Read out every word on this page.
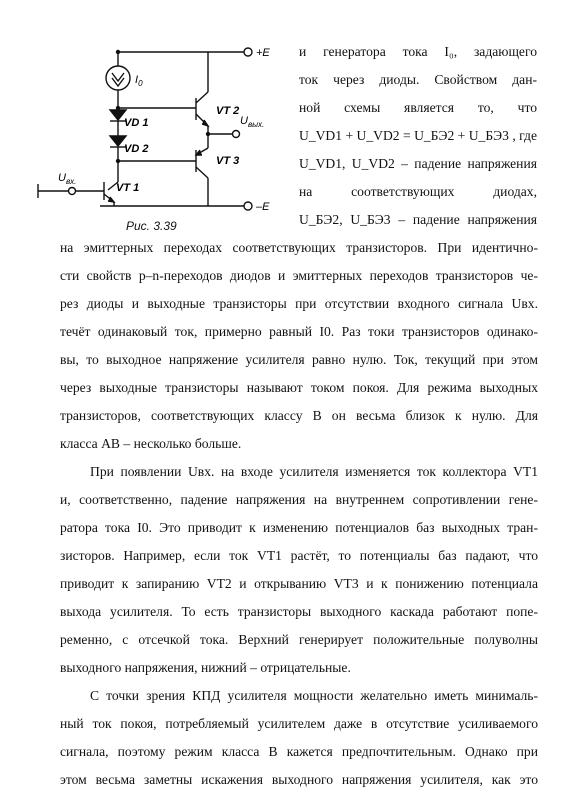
+E
–E
$I_0$
VD 1
VD 2
VT 2
VT 3
VT 1
$U_{вых.}$
$U_{вх.}$
Рис. 3.39
и генератора тока I₀, задающего
ток через диоды. Свойством дан-
ной схемы является то, что
U_VD1 + U_VD2 = U_БЭ2 + U_БЭ3 , где
U_VD1, U_VD2 – падение напряжения
на соответствующих диодах,
U_БЭ2, U_БЭ3 – падение напряжения
на эмиттерных переходах соответствующих транзисторов. При идентично-
сти свойств p–n-переходов диодов и эмиттерных переходов транзисторов че-
рез диоды и выходные транзисторы при отсутствии входного сигнала Uвх.
течёт одинаковый ток, примерно равный I0. Раз токи транзисторов одинако-
вы, то выходное напряжение усилителя равно нулю. Ток, текущий при этом
через выходные транзисторы называют током покоя. Для режима выходных
транзисторов, соответствующих классу B он весьма близок к нулю. Для
класса AB – несколько больше.
При появлении Uвх. на входе усилителя изменяется ток коллектора VT1
и, соответственно, падение напряжения на внутреннем сопротивлении гене-
ратора тока I0. Это приводит к изменению потенциалов баз выходных тран-
зисторов. Например, если ток VT1 растёт, то потенциалы баз падают, что
приводит к запиранию VT2 и открыванию VT3 и к понижению потенциала
выхода усилителя. То есть транзисторы выходного каскада работают попе-
ременно, с отсечкой тока. Верхний генерирует положительные полуволны
выходного напряжения, нижний – отрицательные.
С точки зрения КПД усилителя мощности желательно иметь минималь-
ный ток покоя, потребляемый усилителем даже в отсутствие усиливаемого
сигнала, поэтому режим класса B кажется предпочтительным. Однако при
этом весьма заметны искажения выходного напряжения усилителя, как это
